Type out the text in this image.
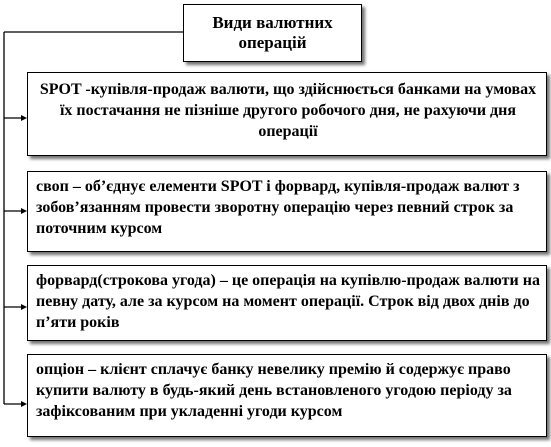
Види валютних операцій
SPOT -купівля-продаж валюти, що здійснюється банками на умовах їх постачання не пізніше другого робочого дня, не рахуючи дня операції
своп – об’єднує елементи SPOT і форвард, купівля-продаж валют з зобов’язанням провести зворотну операцію через певний строк за поточним курсом
форвард(строкова угода) – це операція на купівлю-продаж валюти на певну дату, але за курсом на момент операції. Строк від двох днів до п’яти років
опціон – клієнт сплачує банку невелику премію й содержує право купити валюту в будь-який день встановленого угодою періоду за зафіксованим при укладенні угоди курсом
